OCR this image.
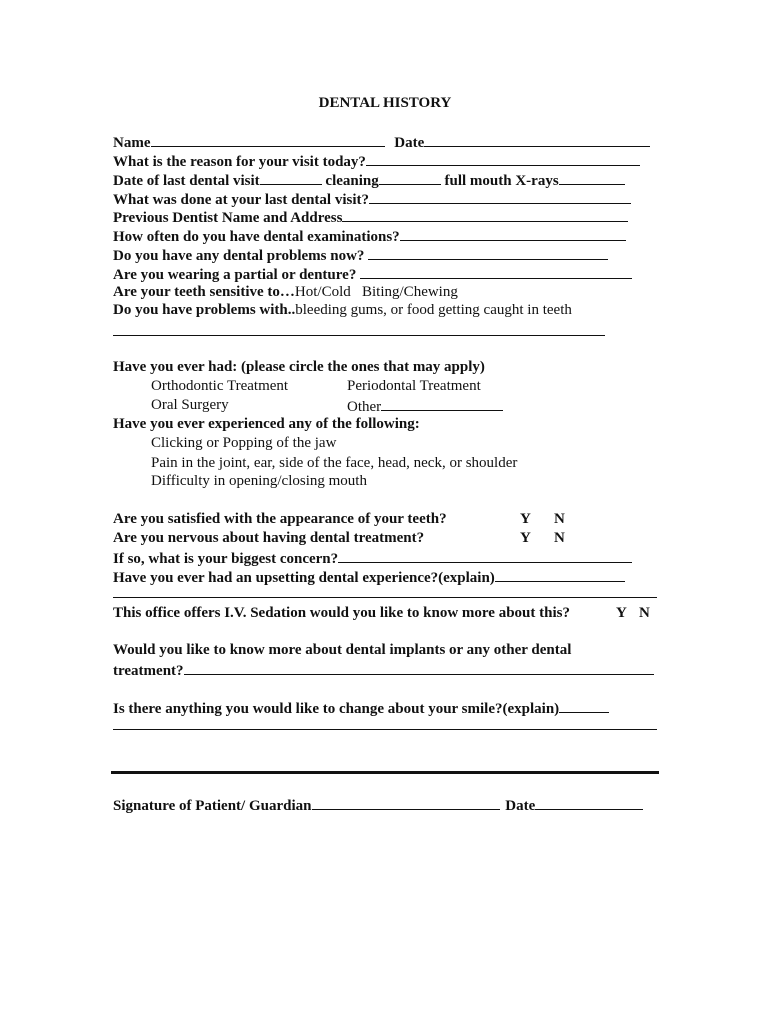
DENTAL HISTORY
Name	Date
What is the reason for your visit today?
Date of last dental visit	cleaning	full mouth X-rays
What was done at your last dental visit?
Previous Dentist Name and Address
How often do you have dental examinations?
Do you have any dental problems now?
Are you wearing a partial or denture?
Are your teeth sensitive to…Hot/Cold   Biting/Chewing
Do you have problems with..bleeding gums, or food getting caught in teeth
Have you ever had: (please circle the ones that may apply)
Orthodontic Treatment	Periodontal Treatment
Oral Surgery	Other
Have you ever experienced any of the following:
Clicking or Popping of the jaw
Pain in the joint, ear, side of the face, head, neck, or shoulder
Difficulty in opening/closing mouth
Are you satisfied with the appearance of your teeth?	Y N
Are you nervous about having dental treatment?	Y N
If so, what is your biggest concern?
Have you ever had an upsetting dental experience?(explain)
This office offers I.V. Sedation would you like to know more about this?	Y N
Would you like to know more about dental implants or any other dental
treatment?
Is there anything you would like to change about your smile?(explain)
Signature of Patient/ Guardian	Date
